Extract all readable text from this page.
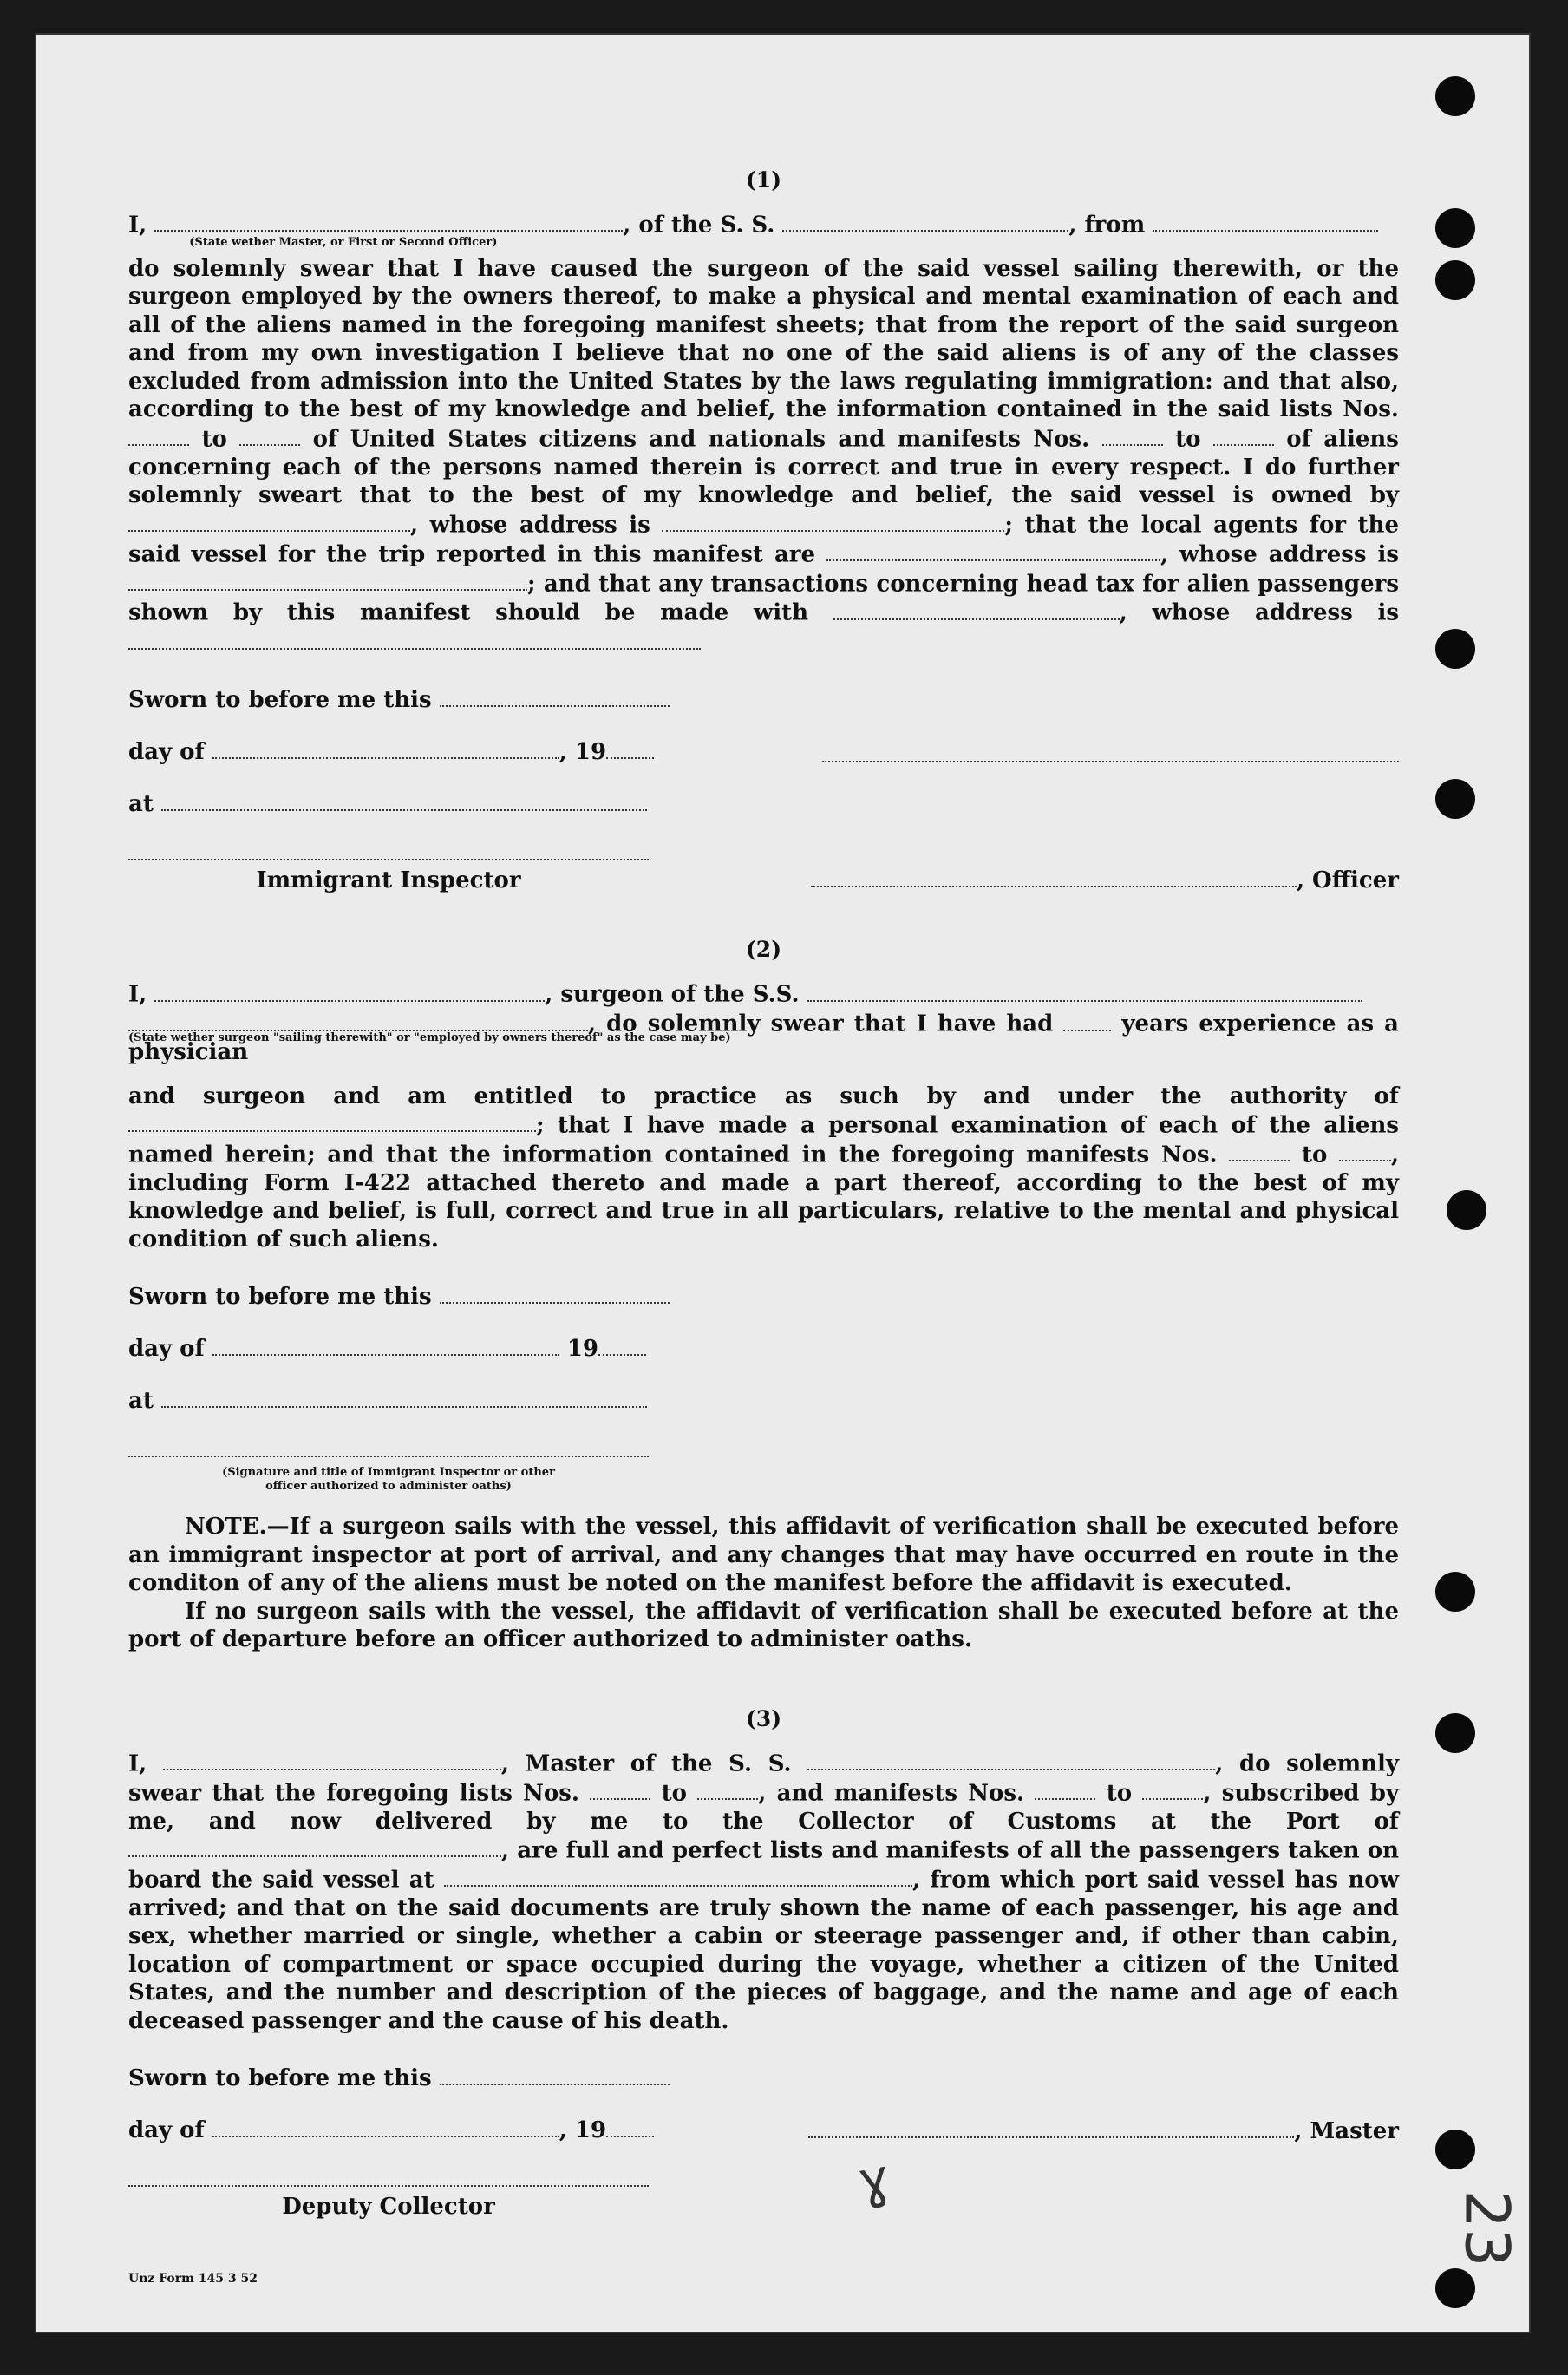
(1)

I,
(State wether Master, or First or Second Officer)
, of the S. S.	, from

do solemnly swear that I have caused the surgeon of the said vessel sailing therewith, or the surgeon employed by the owners thereof, to make a physical and mental examination of each and all of the aliens named in the foregoing manifest sheets; that from the report of the said surgeon and from my own investigation I believe that no one of the said aliens is of any of the classes excluded from admission into the United States by the laws regulating immigration: and that also, according to the best of my knowledge and belief, the information contained in the said lists Nos.  to	of United States citizens and nationals and manifests Nos.	to	of aliens concerning each of the persons named therein is correct and true in every respect. I do further solemnly sweart that to the best of my knowledge and belief, the said vessel is owned by , whose address is	; that the local agents for the said vessel for the trip reported in this manifest are	, whose address is ; and that any transactions concerning head tax for alien passengers shown by this manifest should be made with	, whose address is

Sworn to before me this
day of	, 19
at
Immigrant Inspector	, Officer
(2)

I,	, surgeon of the S.S.

(State wether surgeon "sailing therewith" or "employed by owners thereof" as the case may be)
, do solemnly swear that I have had	years experience as a physician

and surgeon and am entitled to practice as such by and under the authority of ; that I have made a personal examination of each of the aliens named herein; and that the information contained in the foregoing manifests Nos.	to	, including Form I-422 attached thereto and made a part thereof, according to the best of my knowledge and belief, is full, correct and true in all particulars, relative to the mental and physical condition of such aliens.

Sworn to before me this
day of	19
at
(Signature and title of Immigrant Inspector or other
officer authorized to administer oaths)

NOTE.—If a surgeon sails with the vessel, this affidavit of verification shall be executed before an immigrant inspector at port of arrival, and any changes that may have occurred en route in the conditon of any of the aliens must be noted on the manifest before the affidavit is executed.

If no surgeon sails with the vessel, the affidavit of verification shall be executed before at the port of departure before an officer authorized to administer oaths.

(3)

I,	, Master of the S. S.	, do solemnly swear that the foregoing lists Nos.	to	, and manifests Nos.	to	, subscribed by me, and now delivered by me to the Collector of Customs at the Port of , are full and perfect lists and manifests of all the passengers taken on board the said vessel at	, from which port said vessel has now arrived; and that on the said documents are truly shown the name of each passenger, his age and sex, whether married or single, whether a cabin or steerage passenger and, if other than cabin, location of compartment or space occupied during the voyage, whether a citizen of the United States, and the number and description of the pieces of baggage, and the name and age of each deceased passenger and the cause of his death.

Sworn to before me this
day of	, 19	, Master
Deputy Collector
Unz Form 145 3 52
ɣ
23
